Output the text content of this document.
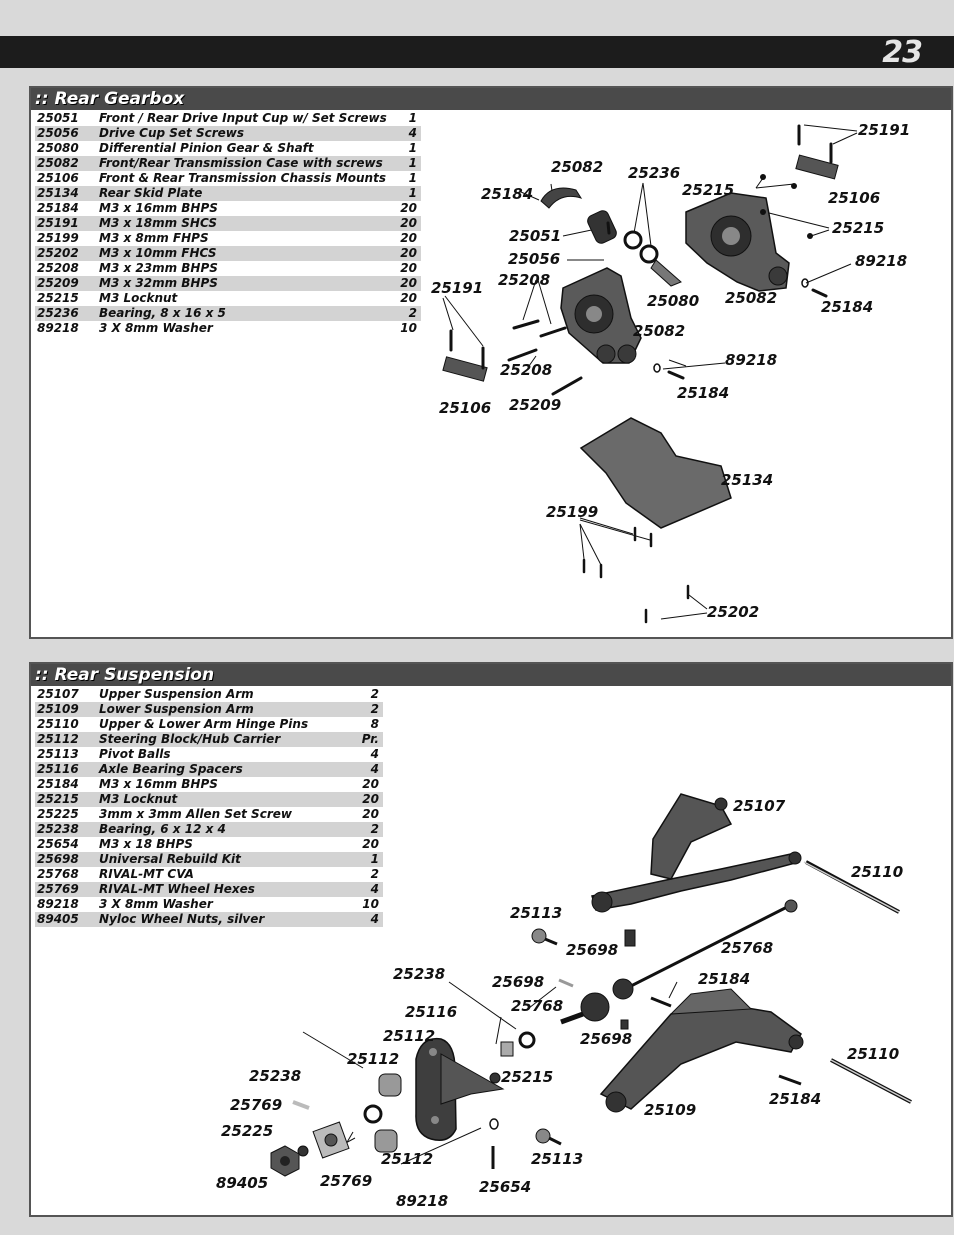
23
:: Rear Gearbox
25051 Front / Rear Drive Input Cup w/ Set Screws 1
25056 Drive Cup Set Screws	4
25080 Differential Pinion Gear & Shaft	1
25082 Front/Rear Transmission Case with screws 1
25106 Front & Rear Transmission Chassis Mounts 1
25134 Rear Skid Plate	1
25184 M3 x 16mm BHPS	20
25191 M3 x 18mm SHCS	20
25199 M3 x 8mm FHPS	20
25202 M3 x 10mm FHCS	20
25208 M3 x 23mm BHPS	20
25209 M3 x 32mm BHPS	20
25215 M3 Locknut	20
25236 Bearing, 8 x 16 x 5	2
89218 3 X 8mm Washer	10
25191
25082 25236
25184	25215	25106
25051	25215
25056	89218
25208
25191
25080 25082	25184
25082
25208
89218
25184
25106 25209
25134
25199
25202
:: Rear Suspension
25107 Upper Suspension Arm	2
25109 Lower Suspension Arm	2
25110 Upper & Lower Arm Hinge Pins	8
25112 Steering Block/Hub Carrier	Pr.
25113 Pivot Balls	4
25116 Axle Bearing Spacers	4
25184 M3 x 16mm BHPS	20
25215 M3 Locknut	20
25225 3mm x 3mm Allen Set Screw	20
25238 Bearing, 6 x 12 x 4	2
25654 M3 x 18 BHPS	20
25698 Universal Rebuild Kit	1
25768 RIVAL-MT CVA	2
25769 RIVAL-MT Wheel Hexes	4
89218 3 X 8mm Washer	10
89405 Nyloc Wheel Nuts, silver	4
25107
25110
25113
25698	25768
25238	25698	25184
25768
25116
25112	25698
25112
25215
25110
25238
25109
25184
25769
25225
25112	25113
89405	25769
89218
25654
